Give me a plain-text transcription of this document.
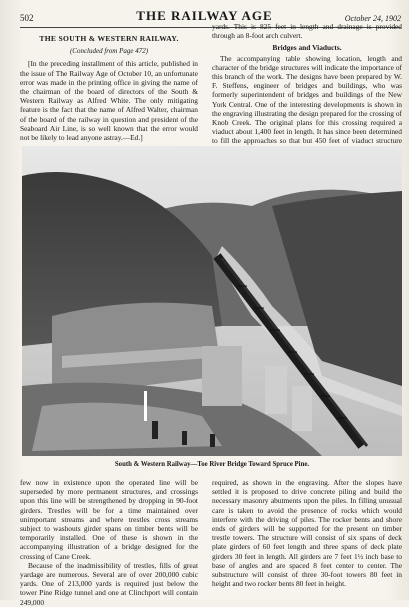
502	THE RAILWAY AGE	October 24, 1902
THE SOUTH & WESTERN RAILWAY.
(Concluded from Page 472)

[In the preceding installment of this article, published in the issue of The Railway Age of October 10, an unfortunate error was made in the printing office in giving the name of the chairman of the board of directors of the South & Western Railway as Alfred White. The only mitigating feature is the fact that the name of Alfred Walter, chairman of the board of the railway in question and president of the Seaboard Air Line, is so well known that the error would not be likely to lead anyone astray.—Ed.]

yards. This is 825 feet in length and drainage is provided through an 8-foot arch culvert.

Bridges and Viaducts.

The accompanying table showing location, length and character of the bridge structures will indicate the importance of this branch of the work. The designs have been prepared by W. F. Steffens, engineer of bridges and buildings, who was formerly superintendent of bridges and buildings of the New York Central. One of the interesting developments is shown in the engraving illustrating the design prepared for the crossing of Knob Creek. The original plans for this crossing required a viaduct about 1,400 feet in length. It has since been determined to fill the approaches so that but 450 feet of viaduct structure

South & Western Railway—Toe River Bridge Toward Spruce Pine.

few now in existence upon the operated line will be superseded by more permanent structures, and crossings upon this line will be strengthened by dropping in 90-foot girders. Trestles will be for a time maintained over unimportant streams and where trestles cross streams subject to washouts girder spans on timber bents will be temporarily installed. One of these is shown in the accompanying illustration of a bridge designed for the crossing of Cane Creek.

Because of the inadmissibility of trestles, fills of great yardage are numerous. Several are of over 200,000 cubic yards. One of 213,000 yards is required just below the tower Pine Ridge tunnel and one at Clinchport will contain 249,000

required, as shown in the engraving. After the slopes have settled it is proposed to drive concrete piling and build the necessary masonry abutments upon the piles. In filling unusual care is taken to avoid the presence of rocks which would interfere with the driving of piles. The rocker bents and shore ends of girders will be supported for the present on timber trestle towers. The structure will consist of six spans of deck plate girders of 60 feet length and three spans of deck plate girders 30 feet in length. All girders are 7 feet 1½ inch base to base of angles and are spaced 8 feet center to center. The substructure will consist of three 30-foot towers 80 feet in height and two rocker bents 80 feet in height.
